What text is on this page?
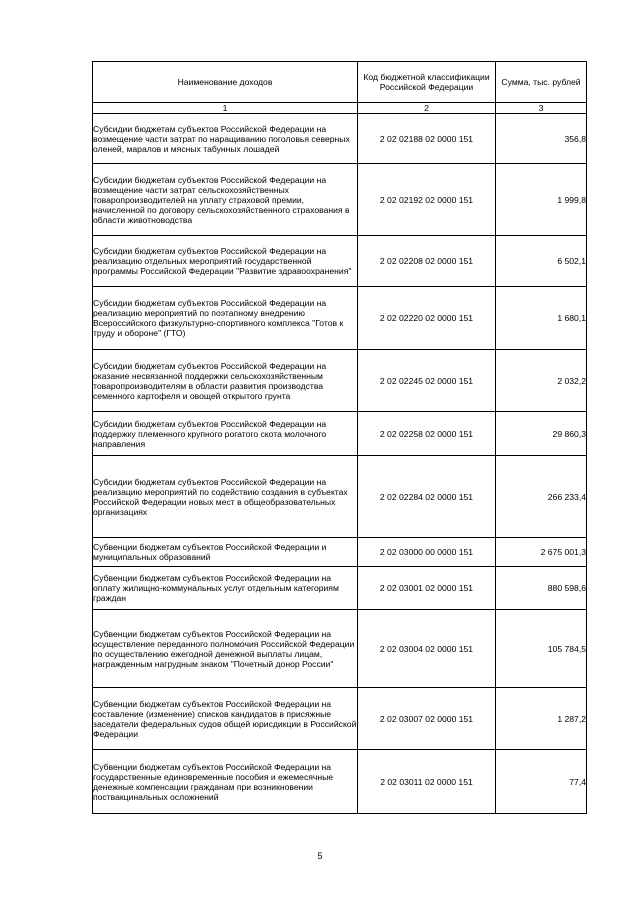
Наименование доходов	Код бюджетной классификации Российской Федерации	Сумма, тыс. рублей
1	2	3
Субсидии бюджетам субъектов Российской Федерации на возмещение части затрат по наращиванию поголовья северных оленей, маралов и мясных табунных лошадей	2 02 02188 02 0000 151	356,8
Субсидии бюджетам субъектов Российской Федерации на возмещение части затрат сельскохозяйственных товаропроизводителей на уплату страховой премии, начисленной по договору сельскохозяйственного страхования в области животноводства	2 02 02192 02 0000 151	1 999,8
Субсидии бюджетам субъектов Российской Федерации на реализацию отдельных мероприятий государственной программы Российской Федерации "Развитие здравоохранения"	2 02 02208 02 0000 151	6 502,1
Субсидии бюджетам субъектов Российской Федерации на реализацию мероприятий по поэтапному внедрению Всероссийского физкультурно-спортивного комплекса "Готов к труду и обороне" (ГТО)	2 02 02220 02 0000 151	1 680,1
Субсидии бюджетам субъектов Российской Федерации на оказание несвязанной поддержки сельскохозяйственным товаропроизводителям в области развития производства семенного картофеля и овощей открытого грунта	2 02 02245 02 0000 151	2 032,2
Субсидии бюджетам субъектов Российской Федерации на поддержку племенного крупного рогатого скота молочного направления	2 02 02258 02 0000 151	29 860,3
Субсидии бюджетам субъектов Российской Федерации на реализацию мероприятий по содействию создания в субъектах Российской Федерации новых мест в общеобразовательных организациях	2 02 02284 02 0000 151	266 233,4
Субвенции бюджетам субъектов Российской Федерации и муниципальных образований	2 02 03000 00 0000 151	2 675 001,3
Субвенции бюджетам субъектов Российской Федерации на оплату жилищно-коммунальных услуг отдельным категориям граждан	2 02 03001 02 0000 151	880 598,6
Субвенции бюджетам субъектов Российской Федерации на осуществление переданного полномочия Российской Федерации по осуществлению ежегодной денежной выплаты лицам, награжденным нагрудным знаком "Почетный донор России"	2 02 03004 02 0000 151	105 784,5
Субвенции бюджетам субъектов Российской Федерации на составление (изменение) списков кандидатов в присяжные заседатели федеральных судов общей юрисдикции в Российской Федерации	2 02 03007 02 0000 151	1 287,2
Субвенции бюджетам субъектов Российской Федерации на государственные единовременные пособия и ежемесячные денежные компенсации гражданам при возникновении поствакцинальных осложнений	2 02 03011 02 0000 151	77,4
5
